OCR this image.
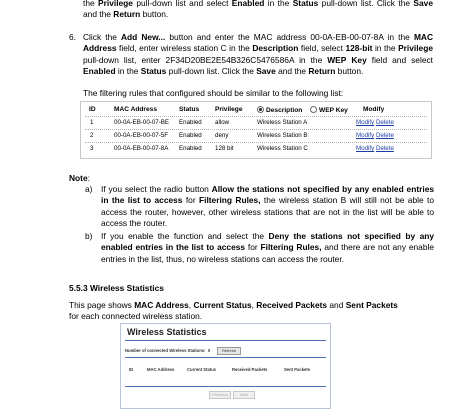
the Privilege pull-down list and select Enabled in the Status pull-down list. Click the Save and the Return button.
6. Click the Add New... button and enter the MAC address 00-0A-EB-00-07-8A in the MAC Address field, enter wireless station C in the Description field, select 128-bit in the Privilege pull-down list, enter 2F34D20BE2E54B326C5476586A in the WEP Key field and select Enabled in the Status pull-down list. Click the Save and the Return button.
The filtering rules that configured should be similar to the following list:
ID	MAC Address	Status Privilege	Description	WEP Key Modify
1	00-0A-EB-00-07-BE Enabled allow	Wireless Station A	Modify Delete
2	00-0A-EB-00-07-5F Enabled deny	Wireless Station B	Modify Delete
3	00-0A-EB-00-07-8A Enabled 128 bit	Wireless Station C	Modify Delete
Note:
a) If you select the radio button Allow the stations not specified by any enabled entries in the list to access for Filtering Rules, the wireless station B will still not be able to access the router, however, other wireless stations that are not in the list will be able to access the router.
b) If you enable the function and select the Deny the stations not specified by any enabled entries in the list to access for Filtering Rules, and there are not any enable entries in the list, thus, no wireless stations can access the router.
5.5.3 Wireless Statistics
This page shows MAC Address, Current Status, Received Packets and Sent Packets
for each connected wireless station.
Wireless Statistics
Number of connected Wireless Stations: 0	Refresh
ID	MAC Address	Current Status	Received Packets	Sent Packets
Previous	Next
